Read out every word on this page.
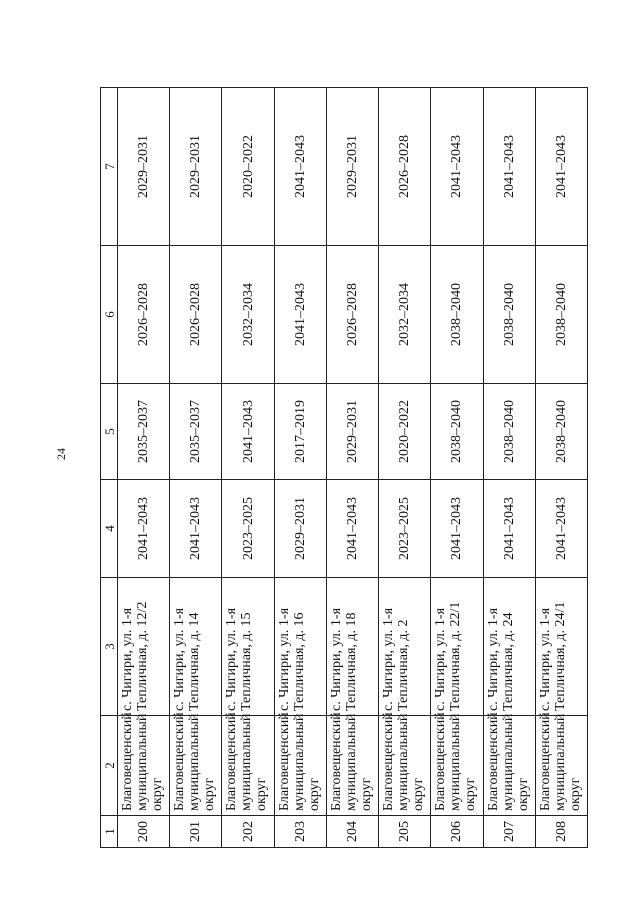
24
1	2	3	4	5	6	7
200	Благовещенский муниципальный округ	с. Чигири, ул. 1-я Тепличная, д. 12/2	2041–2043	2035–2037	2026–2028	2029–2031
201	Благовещенский муниципальный округ	с. Чигири, ул. 1-я Тепличная, д. 14	2041–2043	2035–2037	2026–2028	2029–2031
202	Благовещенский муниципальный округ	с. Чигири, ул. 1-я Тепличная, д. 15	2023–2025	2041–2043	2032–2034	2020–2022
203	Благовещенский муниципальный округ	с. Чигири, ул. 1-я Тепличная, д. 16	2029–2031	2017–2019	2041–2043	2041–2043
204	Благовещенский муниципальный округ	с. Чигири, ул. 1-я Тепличная, д. 18	2041–2043	2029–2031	2026–2028	2029–2031
205	Благовещенский муниципальный округ	с. Чигири, ул. 1-я Тепличная, д. 2	2023–2025	2020–2022	2032–2034	2026–2028
206	Благовещенский муниципальный округ	с. Чигири, ул. 1-я Тепличная, д. 22/1	2041–2043	2038–2040	2038–2040	2041–2043
207	Благовещенский муниципальный округ	с. Чигири, ул. 1-я Тепличная, д. 24	2041–2043	2038–2040	2038–2040	2041–2043
208	Благовещенский муниципальный округ	с. Чигири, ул. 1-я Тепличная, д. 24/1	2041–2043	2038–2040	2038–2040	2041–2043
